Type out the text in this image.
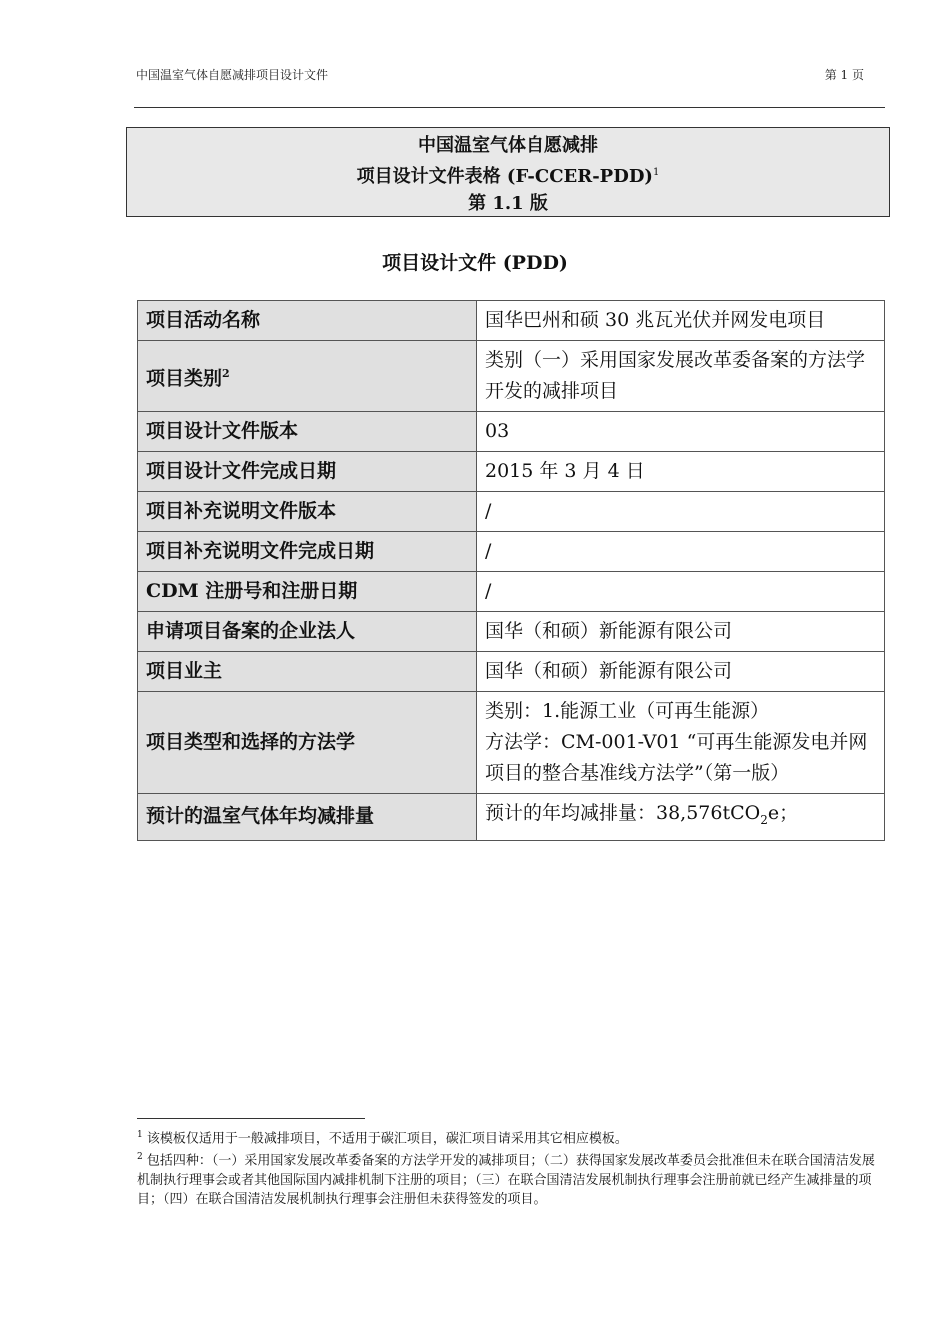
中国温室气体自愿减排项目设计文件	第 1 页
中国温室气体自愿减排
项目设计文件表格 (F-CCER-PDD)$^1$
第 1.1 版
项目设计文件 (PDD)
项目活动名称	国华巴州和硕 30 兆瓦光伏并网发电项目
项目类别$^2$	类别（一）采用国家发展改革委备案的方法学开发的减排项目
项目设计文件版本	03
项目设计文件完成日期	2015 年 3 月 4 日
项目补充说明文件版本	/
项目补充说明文件完成日期	/
CDM 注册号和注册日期	/
申请项目备案的企业法人	国华（和硕）新能源有限公司
项目业主	国华（和硕）新能源有限公司
项目类型和选择的方法学	类别：1.能源工业（可再生能源）
方法学：CM-001-V01 “可再生能源发电并网项目的整合基准线方法学”（第一版）

预计的温室气体年均减排量	预计的年均减排量：38,576tCO$_2$e；

$^1$ 该模板仅适用于一般减排项目，不适用于碳汇项目，碳汇项目请采用其它相应模板。

$^2$ 包括四种：（一）采用国家发展改革委备案的方法学开发的减排项目；（二）获得国家发展改革委员会批准但未在联合国清洁发展机制执行理事会或者其他国际国内减排机制下注册的项目；（三）在联合国清洁发展机制执行理事会注册前就已经产生减排量的项目；（四）在联合国清洁发展机制执行理事会注册但未获得签发的项目。
